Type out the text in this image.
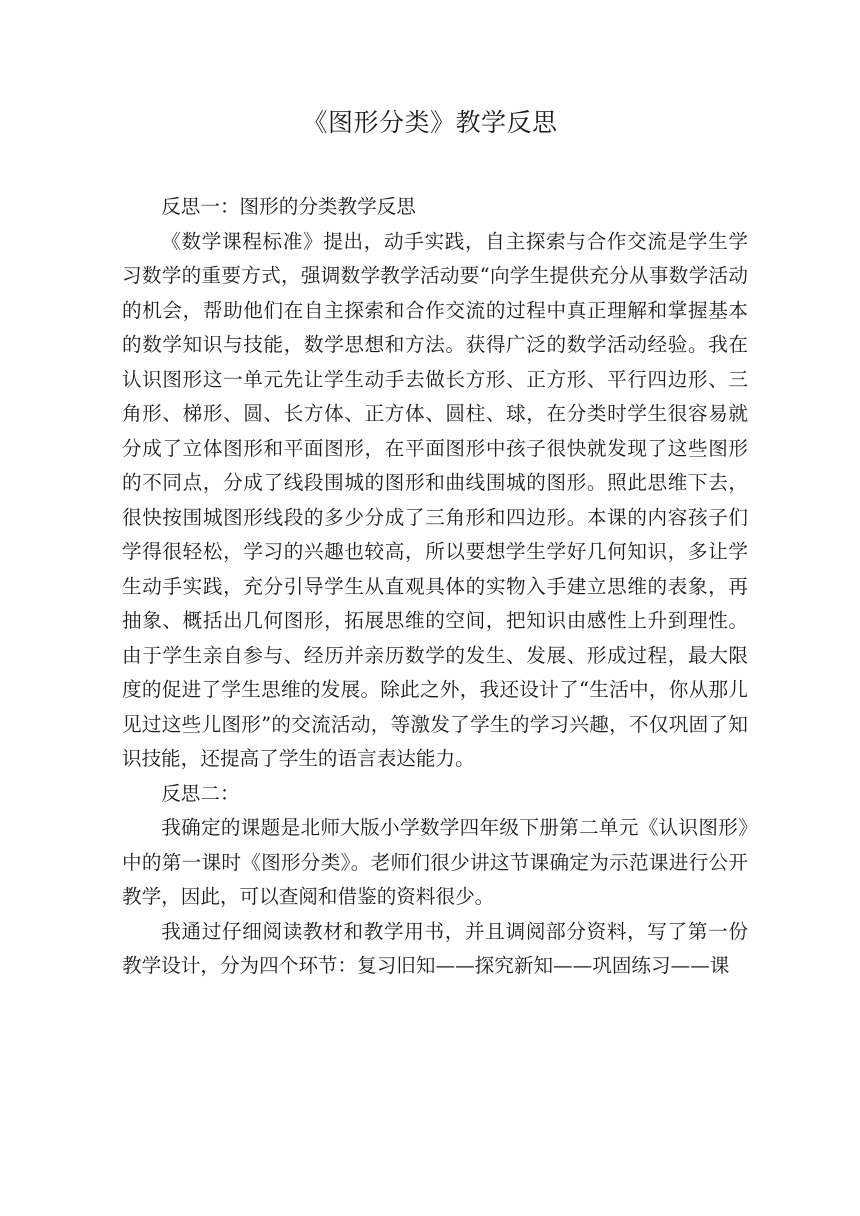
《图形分类》教学反思

反思一：图形的分类教学反思

《数学课程标准》提出，动手实践，自主探索与合作交流是学生学习数学的重要方式，强调数学教学活动要“向学生提供充分从事数学活动的机会，帮助他们在自主探索和合作交流的过程中真正理解和掌握基本的数学知识与技能，数学思想和方法。获得广泛的数学活动经验。我在认识图形这一单元先让学生动手去做长方形、正方形、平行四边形、三角形、梯形、圆、长方体、正方体、圆柱、球，在分类时学生很容易就分成了立体图形和平面图形，在平面图形中孩子很快就发现了这些图形的不同点，分成了线段围城的图形和曲线围城的图形。照此思维下去，很快按围城图形线段的多少分成了三角形和四边形。本课的内容孩子们学得很轻松，学习的兴趣也较高，所以要想学生学好几何知识，多让学生动手实践，充分引导学生从直观具体的实物入手建立思维的表象，再抽象、概括出几何图形，拓展思维的空间，把知识由感性上升到理性。由于学生亲自参与、经历并亲历数学的发生、发展、形成过程，最大限度的促进了学生思维的发展。除此之外，我还设计了“生活中，你从那儿见过这些儿图形”的交流活动，等激发了学生的学习兴趣，不仅巩固了知识技能，还提高了学生的语言表达能力。

反思二：

我确定的课题是北师大版小学数学四年级下册第二单元《认识图形》中的第一课时《图形分类》。老师们很少讲这节课确定为示范课进行公开教学，因此，可以查阅和借鉴的资料很少。

我通过仔细阅读教材和教学用书，并且调阅部分资料，写了第一份教学设计，分为四个环节：复习旧知——探究新知——巩固练习——课
